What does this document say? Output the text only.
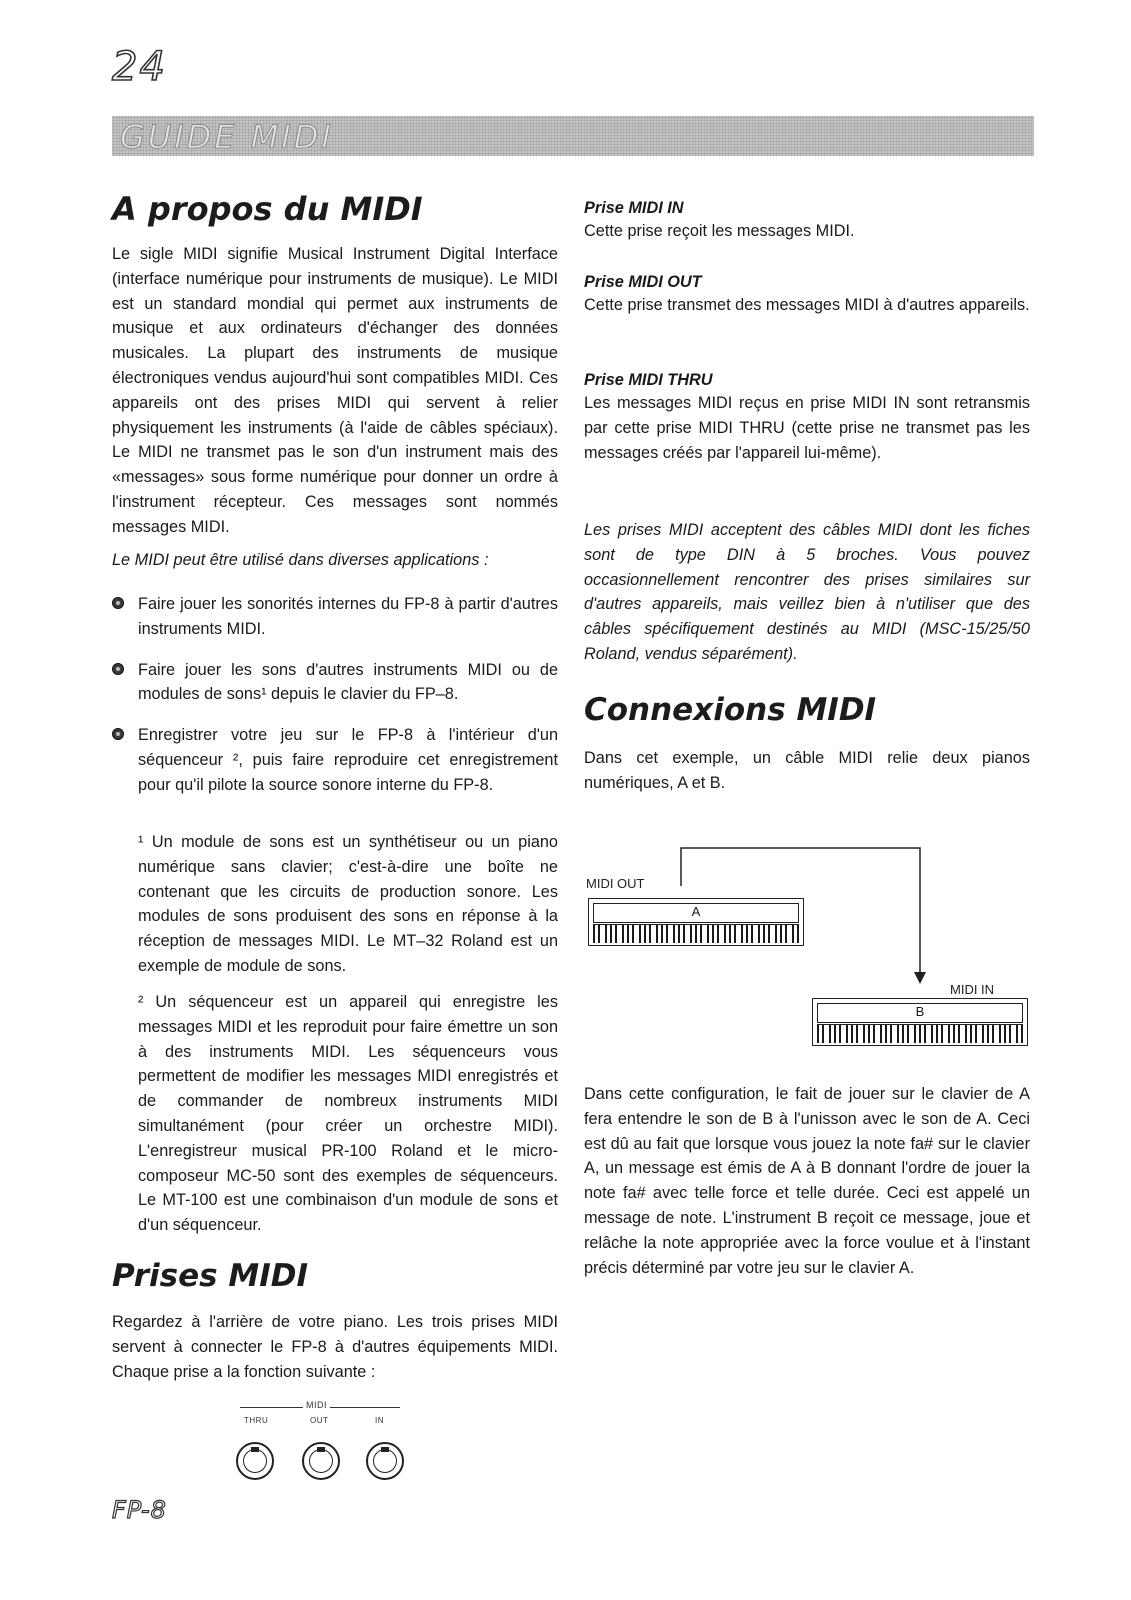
24
GUIDE MIDI
A propos du MIDI

Le sigle MIDI signifie Musical Instrument Digital Interface (interface numérique pour instruments de musique). Le MIDI est un standard mondial qui permet aux instruments de musique et aux ordinateurs d'échanger des données musicales. La plupart des instruments de musique électroniques vendus aujourd'hui sont compatibles MIDI. Ces appareils ont des prises MIDI qui servent à relier physiquement les instruments (à l'aide de câbles spéciaux). Le MIDI ne transmet pas le son d'un instrument mais des «messages» sous forme numérique pour donner un ordre à l'instrument récepteur. Ces messages sont nommés messages MIDI.

Le MIDI peut être utilisé dans diverses applications :

Faire jouer les sonorités internes du FP-8 à partir d'autres instruments MIDI.
Faire jouer les sons d'autres instruments MIDI ou de modules de sons¹ depuis le clavier du FP–8.
Enregistrer votre jeu sur le FP-8 à l'intérieur d'un séquenceur ², puis faire reproduire cet enregistrement pour qu'il pilote la source sonore interne du FP-8.

¹ Un module de sons est un synthétiseur ou un piano numérique sans clavier; c'est-à-dire une boîte ne contenant que les circuits de production sonore. Les modules de sons produisent des sons en réponse à la réception de messages MIDI. Le MT–32 Roland est un exemple de module de sons.

² Un séquenceur est un appareil qui enregistre les messages MIDI et les reproduit pour faire émettre un son à des instruments MIDI. Les séquenceurs vous permettent de modifier les messages MIDI enregistrés et de commander de nombreux instruments MIDI simultanément (pour créer un orchestre MIDI). L'enregistreur musical PR-100 Roland et le micro-composeur MC-50 sont des exemples de séquenceurs. Le MT-100 est une combinaison d'un module de sons et d'un séquenceur.

Prises MIDI

Regardez à l'arrière de votre piano. Les trois prises MIDI servent à connecter le FP-8 à d'autres équipements MIDI. Chaque prise a la fonction suivante :

MIDI
THRU	OUT	IN

Prise MIDI IN

Cette prise reçoit les messages MIDI.

Prise MIDI OUT

Cette prise transmet des messages MIDI à d'autres appareils.

Prise MIDI THRU

Les messages MIDI reçus en prise MIDI IN sont retransmis par cette prise MIDI THRU (cette prise ne transmet pas les messages créés par l'appareil lui-même).

Les prises MIDI acceptent des câbles MIDI dont les fiches sont de type DIN à 5 broches. Vous pouvez occasionnellement rencontrer des prises similaires sur d'autres appareils, mais veillez bien à n'utiliser que des câbles spécifiquement destinés au MIDI (MSC-15/25/50 Roland, vendus séparément).

Connexions MIDI

Dans cet exemple, un câble MIDI relie deux pianos numériques, A et B.

MIDI OUT
MIDI IN
A
B

Dans cette configuration, le fait de jouer sur le clavier de A fera entendre le son de B à l'unisson avec le son de A. Ceci est dû au fait que lorsque vous jouez la note fa# sur le clavier A, un message est émis de A à B donnant l'ordre de jouer la note fa# avec telle force et telle durée. Ceci est appelé un message de note. L'instrument B reçoit ce message, joue et relâche la note appropriée avec la force voulue et à l'instant précis déterminé par votre jeu sur le clavier A.

FP-8
